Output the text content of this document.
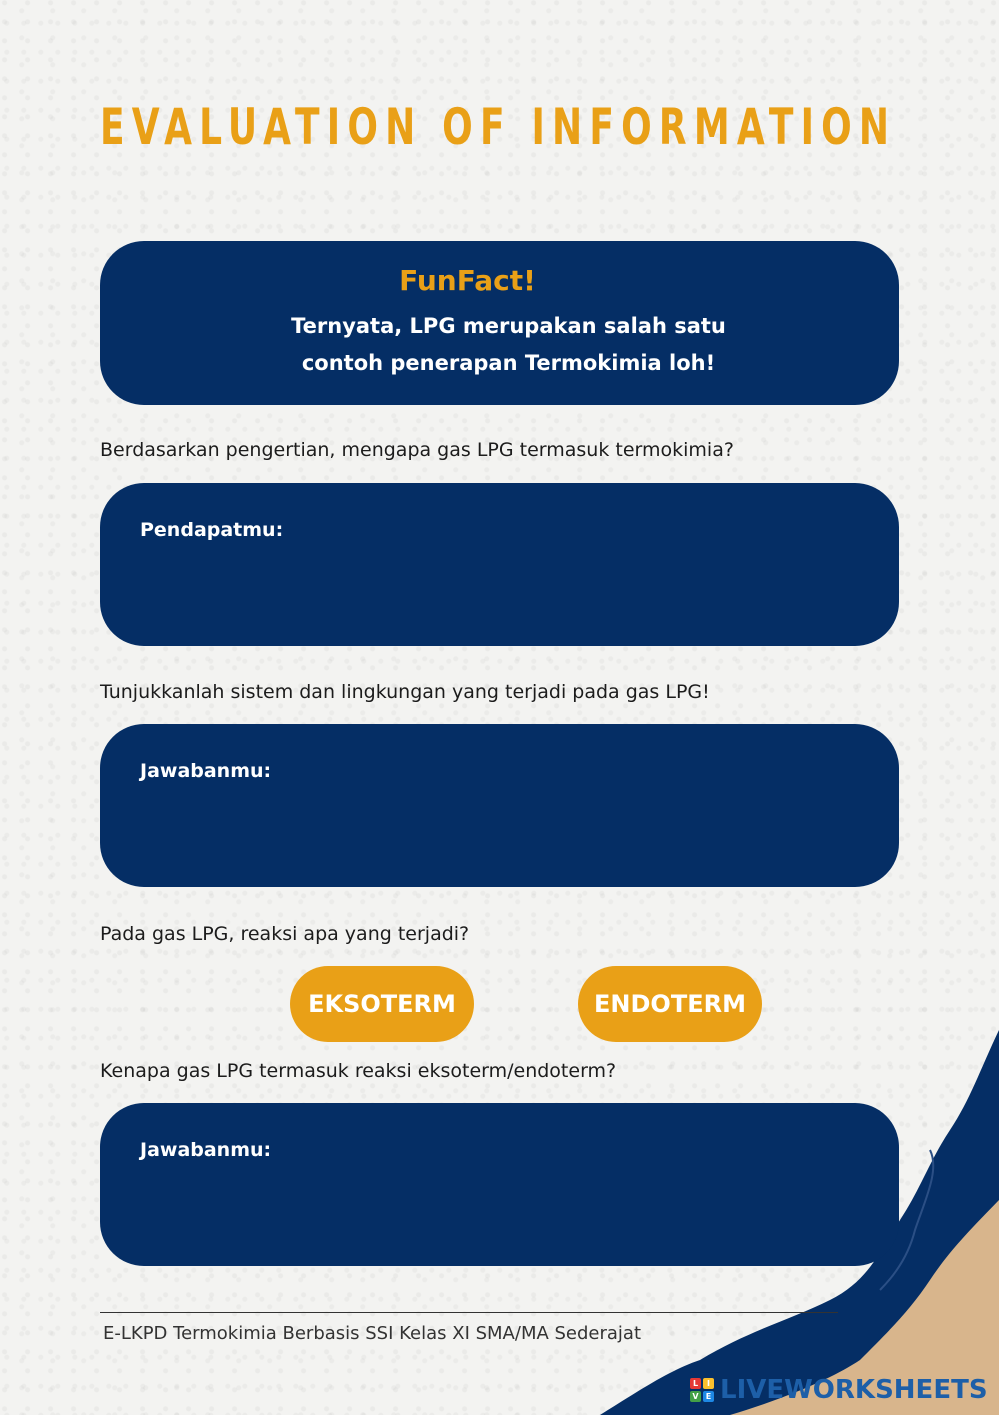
EVALUATION OF INFORMATION
FunFact!
Ternyata, LPG merupakan salah satu
contoh penerapan Termokimia loh!
Berdasarkan pengertian, mengapa gas LPG termasuk termokimia?
Pendapatmu:
Tunjukkanlah sistem dan lingkungan yang terjadi pada gas LPG!
Jawabanmu:
Pada gas LPG, reaksi apa yang terjadi?
EKSOTERM	ENDOTERM
Kenapa gas LPG termasuk reaksi eksoterm/endoterm?
Jawabanmu:
E-LKPD Termokimia Berbasis SSI Kelas XI SMA/MA Sederajat
L	I
V E LIVEWORKSHEETS
